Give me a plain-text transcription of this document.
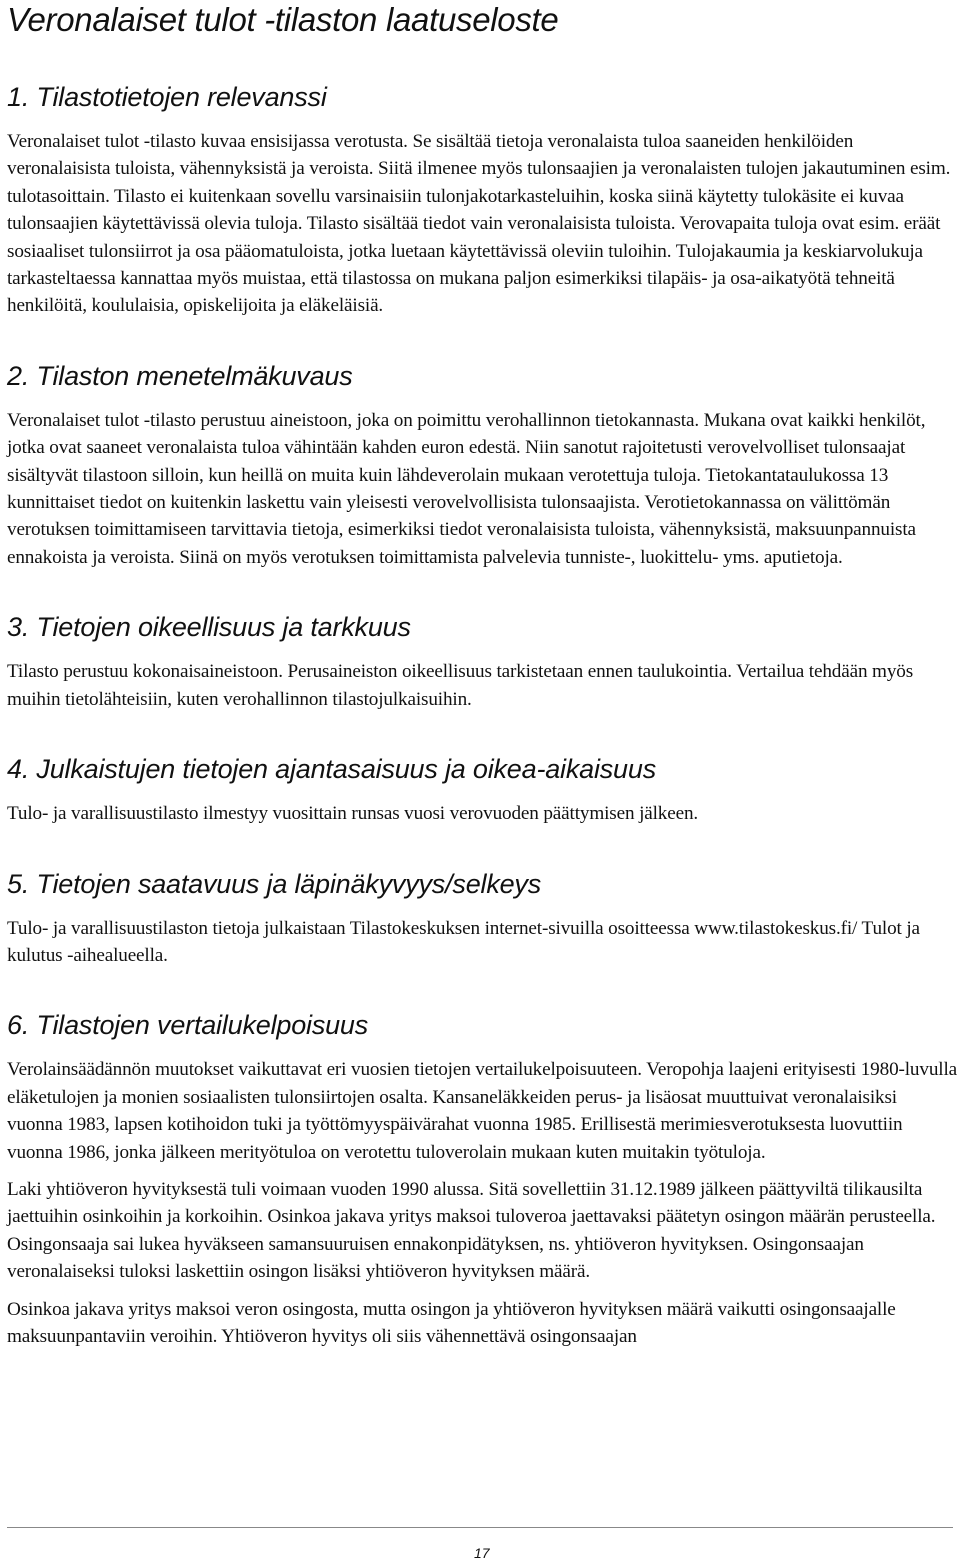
Veronalaiset tulot -tilaston laatuseloste
1. Tilastotietojen relevanssi

Veronalaiset tulot -tilasto kuvaa ensisijassa verotusta. Se sisältää tietoja veronalaista tuloa saaneiden henkilöiden veronalaisista tuloista, vähennyksistä ja veroista. Siitä ilmenee myös tulonsaajien ja veronalaisten tulojen jakautuminen esim. tulotasoittain. Tilasto ei kuitenkaan sovellu varsinaisiin tulonjakotarkasteluihin, koska siinä käytetty tulokäsite ei kuvaa tulonsaajien käytettävissä olevia tuloja. Tilasto sisältää tiedot vain veronalaisista tuloista. Verovapaita tuloja ovat esim. eräät sosiaaliset tulonsiirrot ja osa pääomatuloista, jotka luetaan käytettävissä oleviin tuloihin. Tulojakaumia ja keskiarvolukuja tarkasteltaessa kannattaa myös muistaa, että tilastossa on mukana paljon esimerkiksi tilapäis- ja osa-aikatyötä tehneitä henkilöitä, koululaisia, opiskelijoita ja eläkeläisiä.

2. Tilaston menetelmäkuvaus

Veronalaiset tulot -tilasto perustuu aineistoon, joka on poimittu verohallinnon tietokannasta. Mukana ovat kaikki henkilöt, jotka ovat saaneet veronalaista tuloa vähintään kahden euron edestä. Niin sanotut rajoitetusti verovelvolliset tulonsaajat sisältyvät tilastoon silloin, kun heillä on muita kuin lähdeverolain mukaan verotettuja tuloja. Tietokantataulukossa 13 kunnittaiset tiedot on kuitenkin laskettu vain yleisesti verovelvollisista tulonsaajista. Verotietokannassa on välittömän verotuksen toimittamiseen tarvittavia tietoja, esimerkiksi tiedot veronalaisista tuloista, vähennyksistä, maksuunpannuista ennakoista ja veroista. Siinä on myös verotuksen toimittamista palvelevia tunniste-, luokittelu- yms. aputietoja.

3. Tietojen oikeellisuus ja tarkkuus

Tilasto perustuu kokonaisaineistoon. Perusaineiston oikeellisuus tarkistetaan ennen taulukointia. Vertailua tehdään myös muihin tietolähteisiin, kuten verohallinnon tilastojulkaisuihin.

4. Julkaistujen tietojen ajantasaisuus ja oikea-aikaisuus

Tulo- ja varallisuustilasto ilmestyy vuosittain runsas vuosi verovuoden päättymisen jälkeen.

5. Tietojen saatavuus ja läpinäkyvyys/selkeys

Tulo- ja varallisuustilaston tietoja julkaistaan Tilastokeskuksen internet-sivuilla osoitteessa www.tilastokeskus.fi/ Tulot ja kulutus -aihealueella.

6. Tilastojen vertailukelpoisuus

Verolainsäädännön muutokset vaikuttavat eri vuosien tietojen vertailukelpoisuuteen. Veropohja laajeni erityisesti 1980-luvulla eläketulojen ja monien sosiaalisten tulonsiirtojen osalta. Kansaneläkkeiden perus- ja lisäosat muuttuivat veronalaisiksi vuonna 1983, lapsen kotihoidon tuki ja työttömyyspäivärahat vuonna 1985. Erillisestä merimiesverotuksesta luovuttiin vuonna 1986, jonka jälkeen merityötuloa on verotettu tuloverolain mukaan kuten muitakin työtuloja.

Laki yhtiöveron hyvityksestä tuli voimaan vuoden 1990 alussa. Sitä sovellettiin 31.12.1989 jälkeen päättyviltä tilikausilta jaettuihin osinkoihin ja korkoihin. Osinkoa jakava yritys maksoi tuloveroa jaettavaksi päätetyn osingon määrän perusteella. Osingonsaaja sai lukea hyväkseen samansuuruisen ennakonpidätyksen, ns. yhtiöveron hyvityksen. Osingonsaajan veronalaiseksi tuloksi laskettiin osingon lisäksi yhtiöveron hyvityksen määrä.

Osinkoa jakava yritys maksoi veron osingosta, mutta osingon ja yhtiöveron hyvityksen määrä vaikutti osingonsaajalle maksuunpantaviin veroihin. Yhtiöveron hyvitys oli siis vähennettävä osingonsaajan

17
